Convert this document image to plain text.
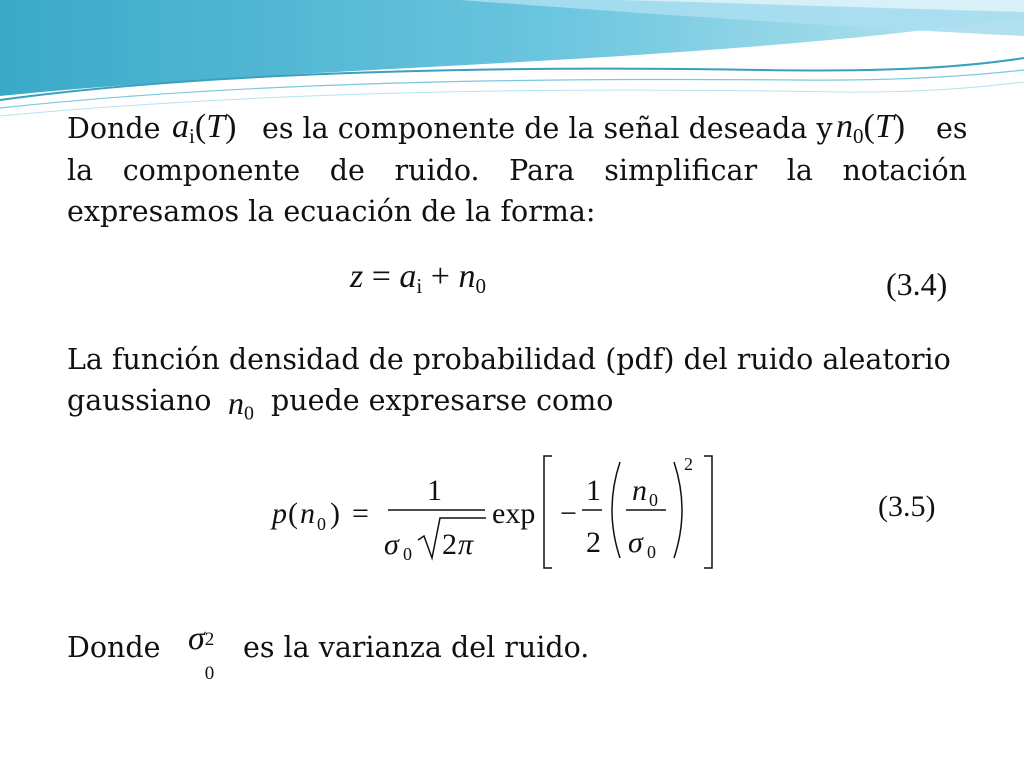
Donde $a_i(T)$ es la componente de la señal deseada y $n_0(T)$ es
la componente de ruido. Para simplificar la notación
expresamos la ecuación de la forma:
$z = a_i + n_0$	(3.4)
La función densidad de probabilidad (pdf) del ruido aleatorio
gaussiano $n_0$ puede expresarse como
p ( n 0 ) =
1
σ 0 2 π
exp −
1
2
n 0
σ 0
2
(3.5)
Donde σ 2
0
es la varianza del ruido.
